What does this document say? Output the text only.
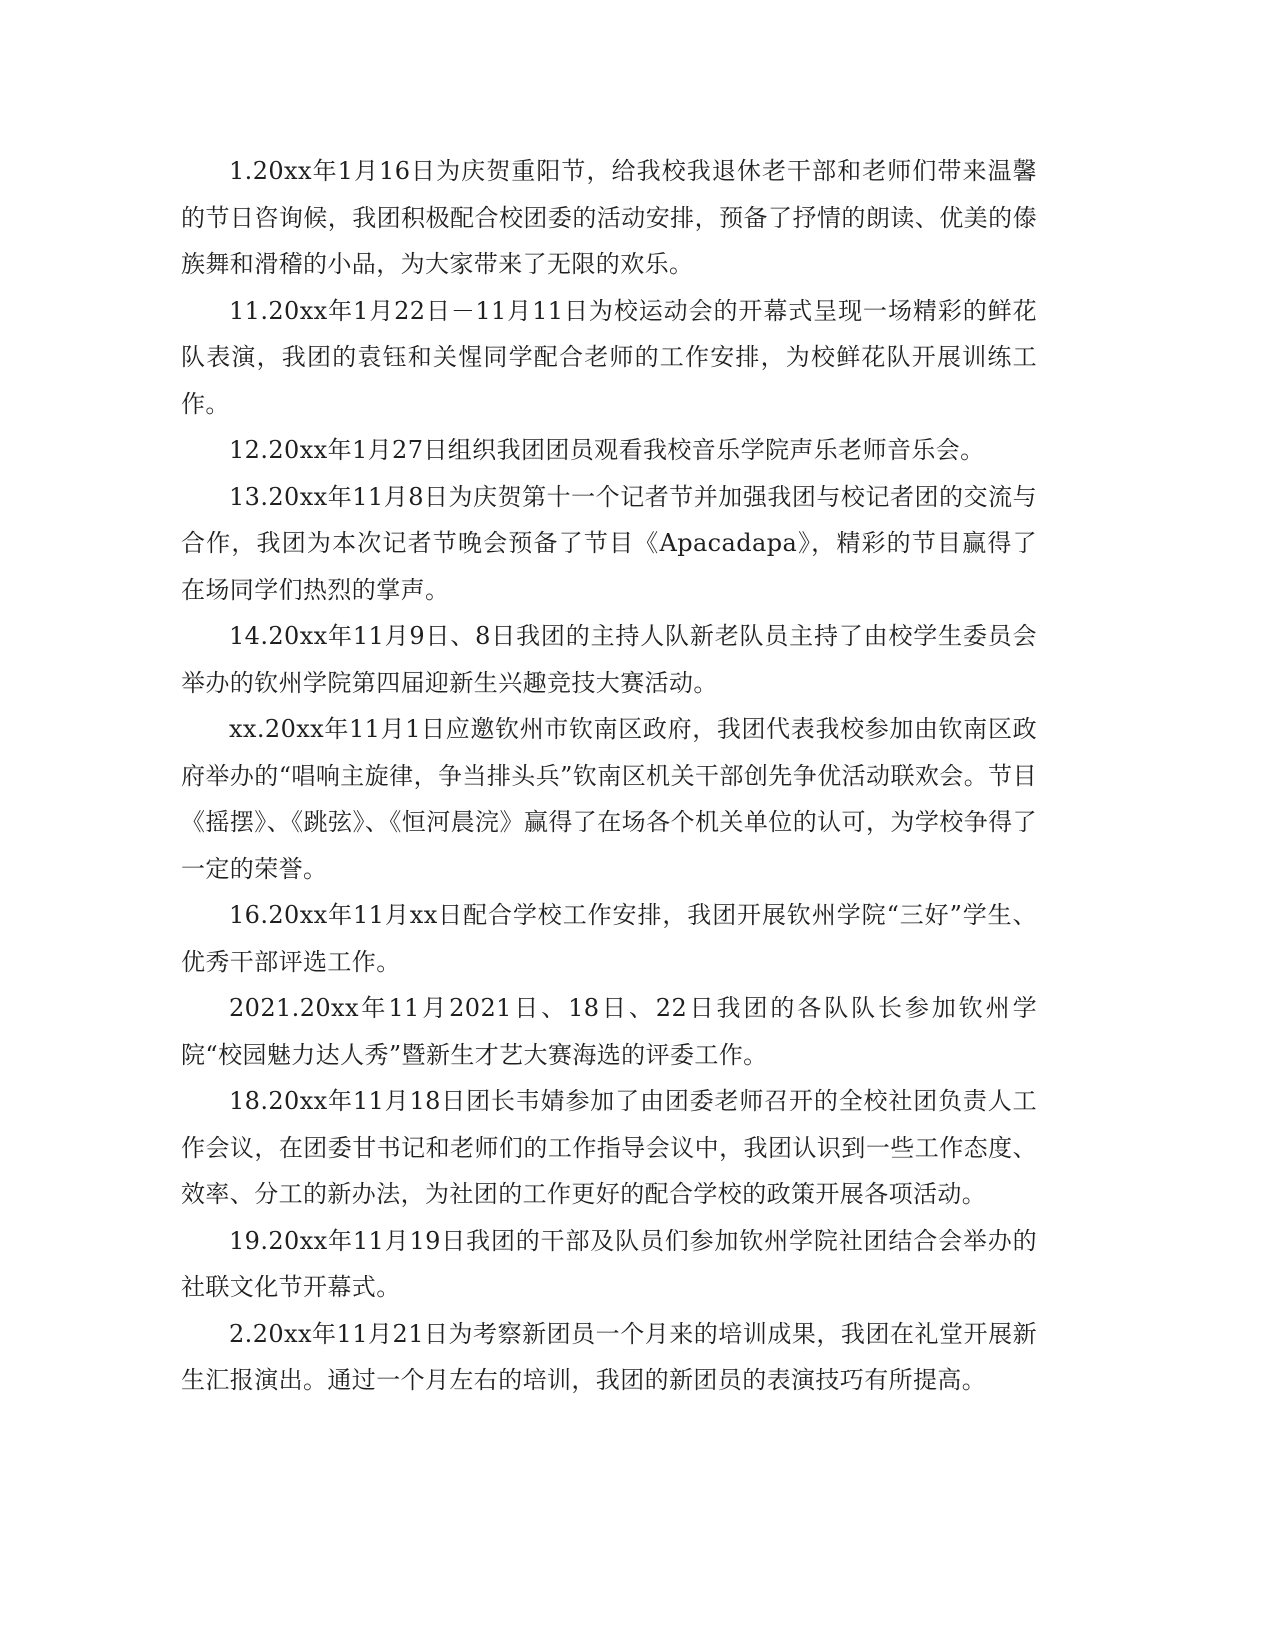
1.20xx年1月16日为庆贺重阳节，给我校我退休老干部和老师们带来温馨的节日咨询候，我团积极配合校团委的活动安排，预备了抒情的朗读、优美的傣族舞和滑稽的小品，为大家带来了无限的欢乐。

11.20xx年1月22日－11月11日为校运动会的开幕式呈现一场精彩的鲜花队表演，我团的袁钰和关惺同学配合老师的工作安排，为校鲜花队开展训练工作。

12.20xx年1月27日组织我团团员观看我校音乐学院声乐老师音乐会。

13.20xx年11月8日为庆贺第十一个记者节并加强我团与校记者团的交流与合作，我团为本次记者节晚会预备了节目《Apacadapa》，精彩的节目赢得了在场同学们热烈的掌声。

14.20xx年11月9日、8日我团的主持人队新老队员主持了由校学生委员会举办的钦州学院第四届迎新生兴趣竞技大赛活动。

xx.20xx年11月1日应邀钦州市钦南区政府，我团代表我校参加由钦南区政府举办的“唱响主旋律，争当排头兵”钦南区机关干部创先争优活动联欢会。节目《摇摆》、《跳弦》、《恒河晨浣》赢得了在场各个机关单位的认可，为学校争得了一定的荣誉。

16.20xx年11月xx日配合学校工作安排，我团开展钦州学院“三好”学生、优秀干部评选工作。

2021.20xx年11月2021日、18日、22日我团的各队队长参加钦州学院“校园魅力达人秀”暨新生才艺大赛海选的评委工作。

18.20xx年11月18日团长韦婧参加了由团委老师召开的全校社团负责人工作会议，在团委甘书记和老师们的工作指导会议中，我团认识到一些工作态度、效率、分工的新办法，为社团的工作更好的配合学校的政策开展各项活动。

19.20xx年11月19日我团的干部及队员们参加钦州学院社团结合会举办的社联文化节开幕式。

2.20xx年11月21日为考察新团员一个月来的培训成果，我团在礼堂开展新生汇报演出。通过一个月左右的培训，我团的新团员的表演技巧有所提高。
